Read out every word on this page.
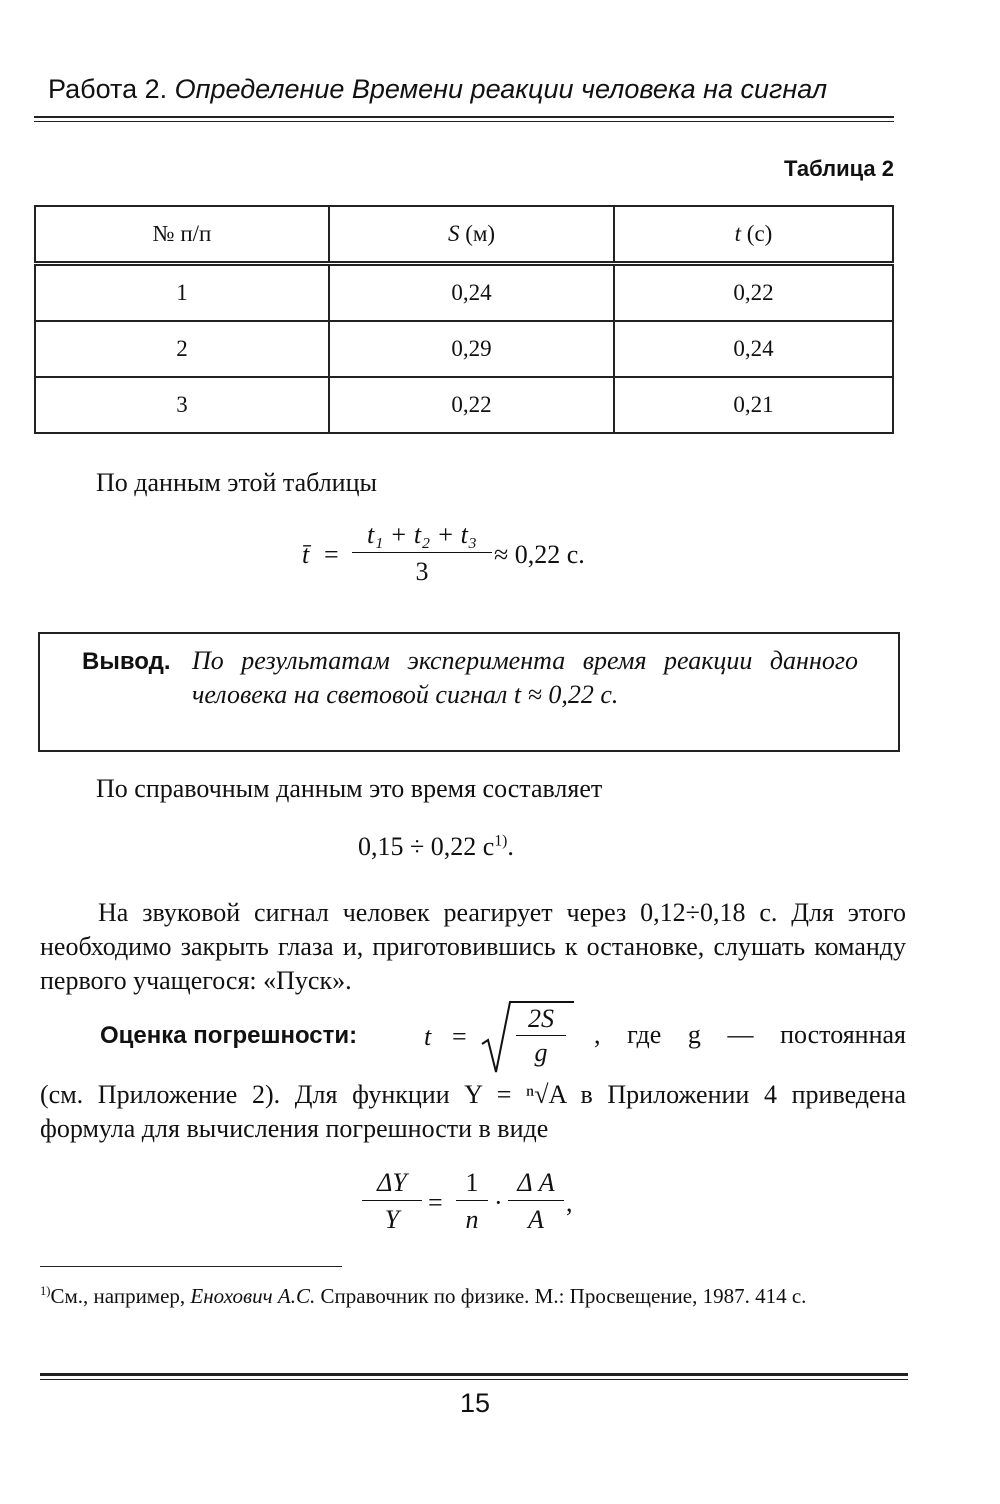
Работа 2. Определение Времени реакции человека на сигнал
Таблица 2
№ п/п	S (м)	t (с)
1	0,24	0,22
2	0,29	0,24
3	0,22	0,21
По данным этой таблицы
t̄ = $\frac{\text{t₁ + t₂ + t₃}}{3} \approx 0,22$ с.
Вывод. По результатам эксперимента время реакции данного человека на световой сигнал t ≈ 0,22 с.
По справочным данным это время составляет
0,15 ÷ 0,22 $с^{1)}$.
На звуковой сигнал человек реагирует через 0,12÷0,18 с. Для этого необходимо закрыть глаза и, приготовившись к остановке, слушать команду первого учащегося: «Пуск».
Оценка погрешности:	$t = \frac{2S}{g}$ , где g — постоянная
(см. Приложение 2). Для функции Y = ⁿ√A в Приложении 4 приведена формула для вычисления погрешности в виде
$\frac{\Delta Y}{Y} = \frac{1}{n} \cdot \frac{\text{Δ A}}{A}$ ,
$^{1)}$См., например, Енохович А.С. Справочник по физике. М.: Просвещение, 1987. 414 с.
15
